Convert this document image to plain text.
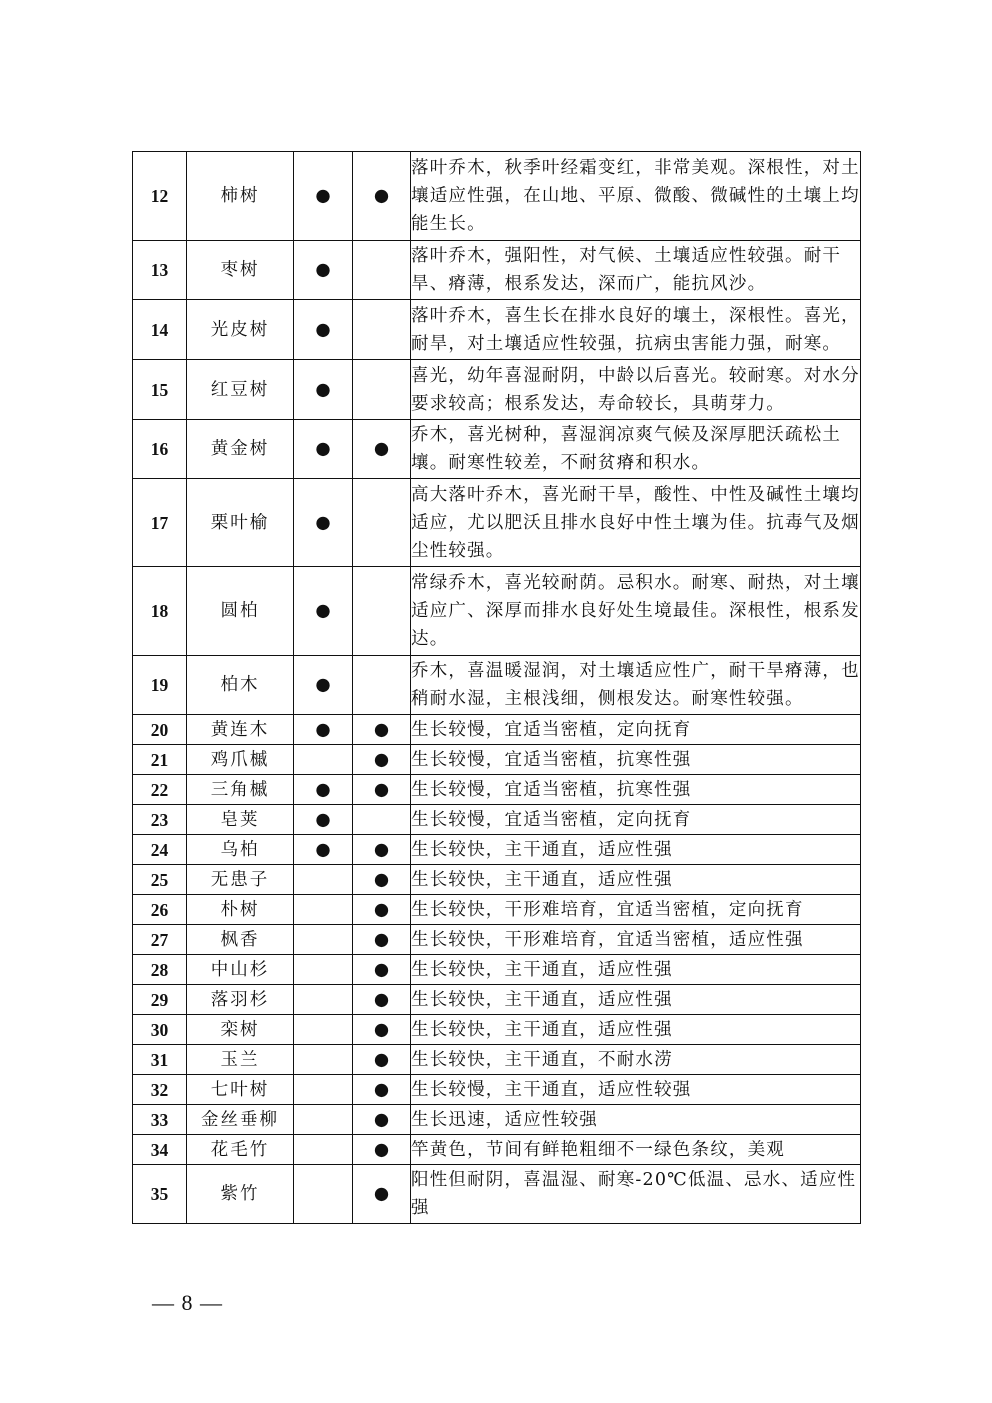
12	柿树	●	●	落叶乔木，秋季叶经霜变红，非常美观。深根性，对土壤适应性强，在山地、平原、微酸、微碱性的土壤上均能生长。
13	枣树	●		落叶乔木，强阳性，对气候、土壤适应性较强。耐干旱、瘠薄，根系发达，深而广，能抗风沙。
14	光皮树	●		落叶乔木，喜生长在排水良好的壤土，深根性。喜光，耐旱，对土壤适应性较强，抗病虫害能力强，耐寒。
15	红豆树	●		喜光，幼年喜湿耐阴，中龄以后喜光。较耐寒。对水分要求较高；根系发达，寿命较长，具萌芽力。
16	黄金树	●	●	乔木，喜光树种，喜湿润凉爽气候及深厚肥沃疏松土壤。耐寒性较差，不耐贫瘠和积水。
17	栗叶榆	●		高大落叶乔木，喜光耐干旱，酸性、中性及碱性土壤均适应，尤以肥沃且排水良好中性土壤为佳。抗毒气及烟尘性较强。
18	圆柏	●		常绿乔木，喜光较耐荫。忌积水。耐寒、耐热，对土壤适应广、深厚而排水良好处生境最佳。深根性，根系发达。
19	柏木	●		乔木，喜温暖湿润，对土壤适应性广，耐干旱瘠薄，也稍耐水湿，主根浅细，侧根发达。耐寒性较强。
20	黄连木	●	●	生长较慢，宜适当密植，定向抚育
21	鸡爪槭		●	生长较慢，宜适当密植，抗寒性强
22	三角槭	●	●	生长较慢，宜适当密植，抗寒性强
23	皂荚	●		生长较慢，宜适当密植，定向抚育
24	乌柏	●	●	生长较快，主干通直，适应性强
25	无患子		●	生长较快，主干通直，适应性强
26	朴树		●	生长较快，干形难培育，宜适当密植，定向抚育
27	枫香		●	生长较快，干形难培育，宜适当密植，适应性强
28	中山杉		●	生长较快，主干通直，适应性强
29	落羽杉		●	生长较快，主干通直，适应性强
30	栾树		●	生长较快，主干通直，适应性强
31	玉兰		●	生长较快，主干通直，不耐水涝
32	七叶树		●	生长较慢，主干通直，适应性较强
33	金丝垂柳		●	生长迅速，适应性较强
34	花毛竹		●	竿黄色，节间有鲜艳粗细不一绿色条纹，美观
35	紫竹		●	阳性但耐阴，喜温湿、耐寒-20℃低温、忌水、适应性强
— 8 —
